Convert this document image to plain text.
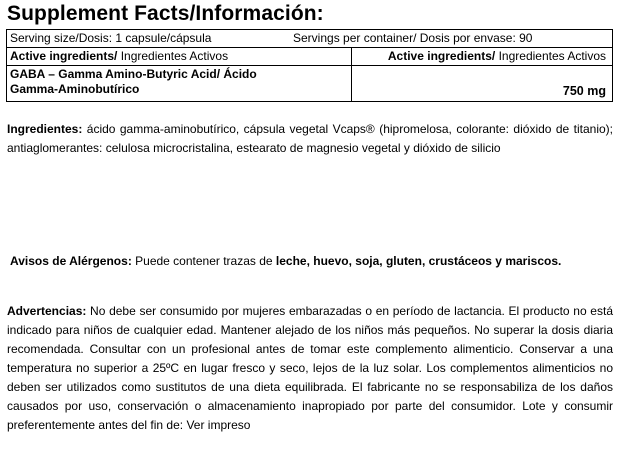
Supplement Facts/Información:
Serving size/Dosis: 1 capsule/cápsula	Servings per container/ Dosis por envase: 90
Active ingredients/ Ingredientes Activos	Active ingredients/ Ingredientes Activos
GABA – Gamma Amino-Butyric Acid/ Ácido
Gamma-Aminobutírico	750 mg
Ingredientes: ácido gamma-aminobutírico, cápsula vegetal Vcaps® (hipromelosa, colorante: dióxido de titanio); antiaglomerantes: celulosa microcristalina, estearato de magnesio vegetal y dióxido de silicio
Avisos de Alérgenos: Puede contener trazas de leche, huevo, soja, gluten, crustáceos y mariscos.
Advertencias: No debe ser consumido por mujeres embarazadas o en período de lactancia. El producto no está indicado para niños de cualquier edad. Mantener alejado de los niños más pequeños. No superar la dosis diaria recomendada. Consultar con un profesional antes de tomar este complemento alimenticio. Conservar a una temperatura no superior a 25ºC en lugar fresco y seco, lejos de la luz solar. Los complementos alimenticios no deben ser utilizados como sustitutos de una dieta equilibrada. El fabricante no se responsabiliza de los daños causados por uso, conservación o almacenamiento inapropiado por parte del consumidor. Lote y consumir preferentemente antes del fin de: Ver impreso
